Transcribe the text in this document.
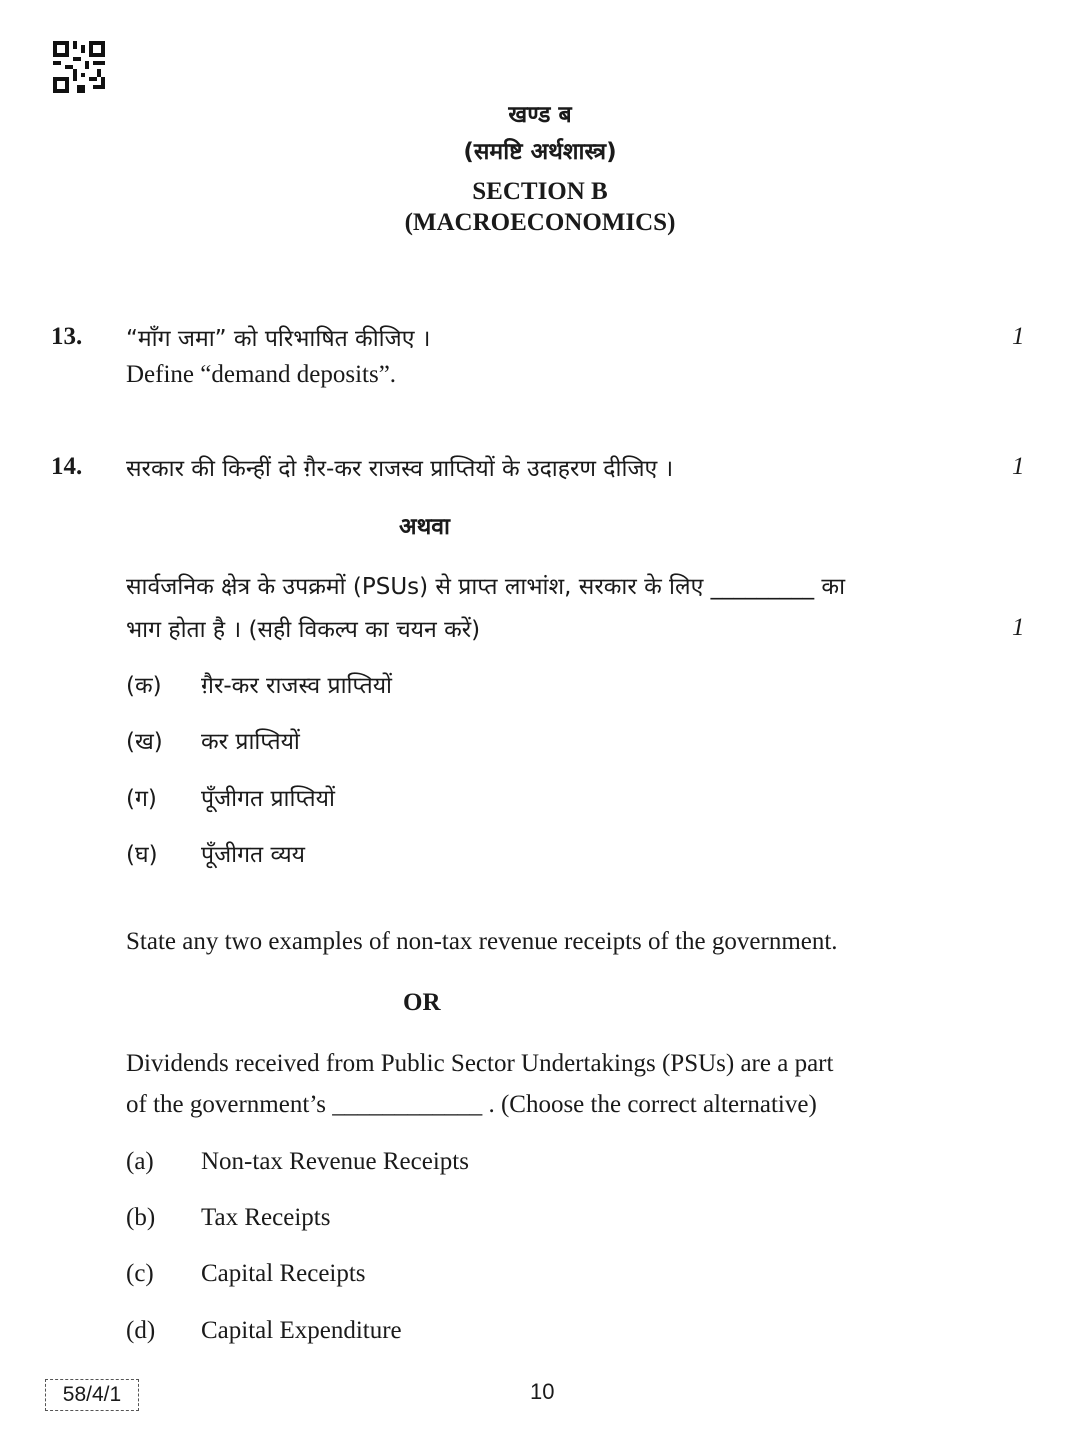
खण्ड ब
(समष्टि अर्थशास्त्र)
SECTION B
(MACROECONOMICS)
13. “माँग जमा” को परिभाषित कीजिए ।	1
Define “demand deposits”.
14. सरकार की किन्हीं दो ग़ैर-कर राजस्व प्राप्तियों के उदाहरण दीजिए ।	1
अथवा
सार्वजनिक क्षेत्र के उपक्रमों (PSUs) से प्राप्त लाभांश, सरकार के लिए _________ का
भाग होता है । (सही विकल्प का चयन करें)	1
(क)	ग़ैर-कर राजस्व प्राप्तियों
(ख)	कर प्राप्तियों
(ग)	पूँजीगत प्राप्तियों
(घ)	पूँजीगत व्यय
State any two examples of non-tax revenue receipts of the government.
OR
Dividends received from Public Sector Undertakings (PSUs) are a part
of the government’s ____________ . (Choose the correct alternative)
(a)	Non-tax Revenue Receipts
(b)	Tax Receipts
(c)	Capital Receipts
(d)	Capital Expenditure
58/4/1	10
